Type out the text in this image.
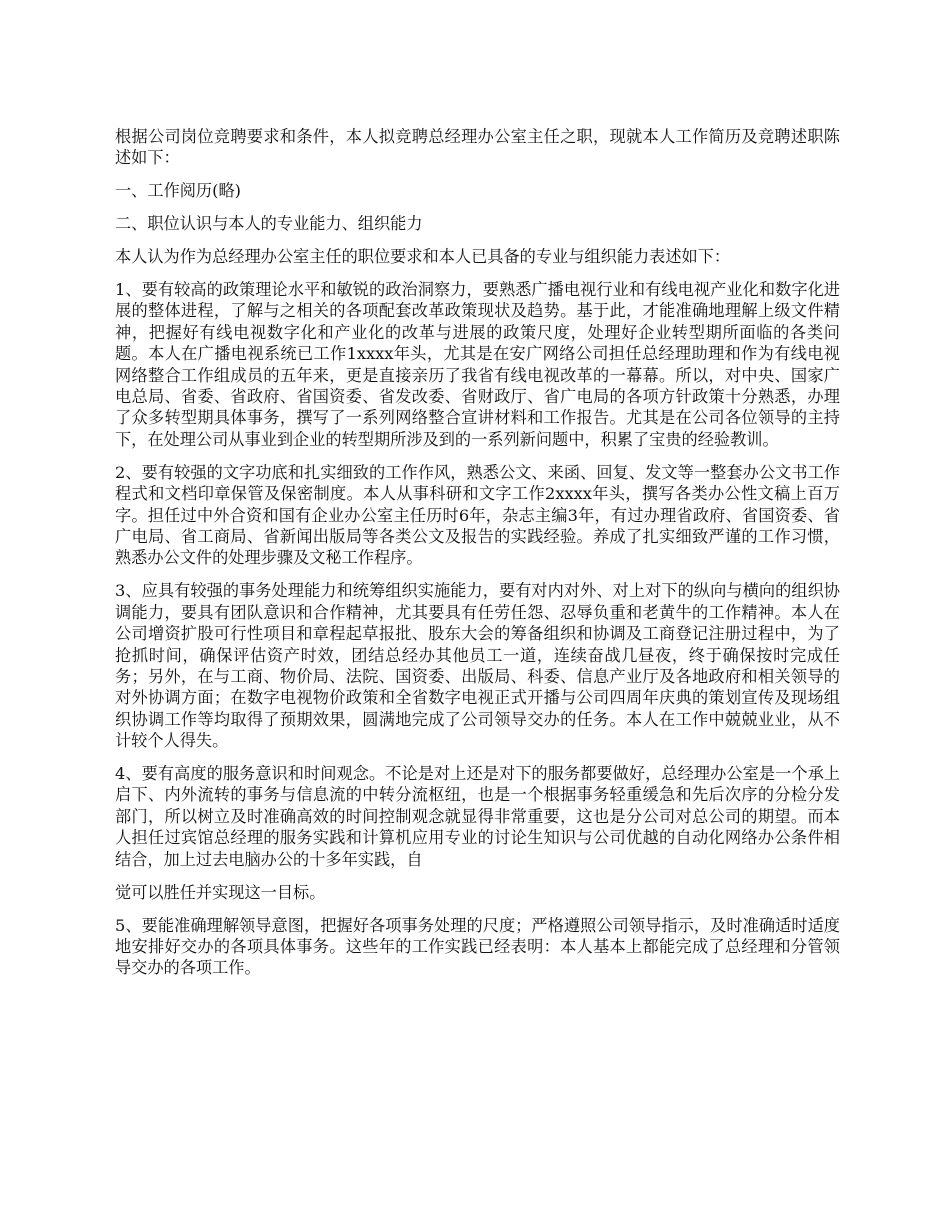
根据公司岗位竞聘要求和条件，本人拟竞聘总经理办公室主任之职，现就本人工作简历及竞聘述职陈述如下：

一、工作阅历(略)

二、职位认识与本人的专业能力、组织能力

本人认为作为总经理办公室主任的职位要求和本人已具备的专业与组织能力表述如下：

1、要有较高的政策理论水平和敏锐的政治洞察力，要熟悉广播电视行业和有线电视产业化和数字化进展的整体进程，了解与之相关的各项配套改革政策现状及趋势。基于此，才能准确地理解上级文件精神，把握好有线电视数字化和产业化的改革与进展的政策尺度，处理好企业转型期所面临的各类问题。本人在广播电视系统已工作1xxxx年头，尤其是在安广网络公司担任总经理助理和作为有线电视网络整合工作组成员的五年来，更是直接亲历了我省有线电视改革的一幕幕。所以，对中央、国家广电总局、省委、省政府、省国资委、省发改委、省财政厅、省广电局的各项方针政策十分熟悉，办理了众多转型期具体事务，撰写了一系列网络整合宣讲材料和工作报告。尤其是在公司各位领导的主持下，在处理公司从事业到企业的转型期所涉及到的一系列新问题中，积累了宝贵的经验教训。

2、要有较强的文字功底和扎实细致的工作作风，熟悉公文、来函、回复、发文等一整套办公文书工作程式和文档印章保管及保密制度。本人从事科研和文字工作2xxxx年头，撰写各类办公性文稿上百万字。担任过中外合资和国有企业办公室主任历时6年，杂志主编3年，有过办理省政府、省国资委、省广电局、省工商局、省新闻出版局等各类公文及报告的实践经验。养成了扎实细致严谨的工作习惯，熟悉办公文件的处理步骤及文秘工作程序。

3、应具有较强的事务处理能力和统筹组织实施能力，要有对内对外、对上对下的纵向与横向的组织协调能力，要具有团队意识和合作精神，尤其要具有任劳任怨、忍辱负重和老黄牛的工作精神。本人在公司增资扩股可行性项目和章程起草报批、股东大会的筹备组织和协调及工商登记注册过程中，为了抢抓时间，确保评估资产时效，团结总经办其他员工一道，连续奋战几昼夜，终于确保按时完成任务；另外，在与工商、物价局、法院、国资委、出版局、科委、信息产业厅及各地政府和相关领导的对外协调方面；在数字电视物价政策和全省数字电视正式开播与公司四周年庆典的策划宣传及现场组织协调工作等均取得了预期效果，圆满地完成了公司领导交办的任务。本人在工作中兢兢业业，从不计较个人得失。

4、要有高度的服务意识和时间观念。不论是对上还是对下的服务都要做好，总经理办公室是一个承上启下、内外流转的事务与信息流的中转分流枢纽，也是一个根据事务轻重缓急和先后次序的分检分发部门，所以树立及时准确高效的时间控制观念就显得非常重要，这也是分公司对总公司的期望。而本人担任过宾馆总经理的服务实践和计算机应用专业的讨论生知识与公司优越的自动化网络办公条件相结合，加上过去电脑办公的十多年实践，自

觉可以胜任并实现这一目标。

5、要能准确理解领导意图，把握好各项事务处理的尺度；严格遵照公司领导指示，及时准确适时适度地安排好交办的各项具体事务。这些年的工作实践已经表明：本人基本上都能完成了总经理和分管领导交办的各项工作。
